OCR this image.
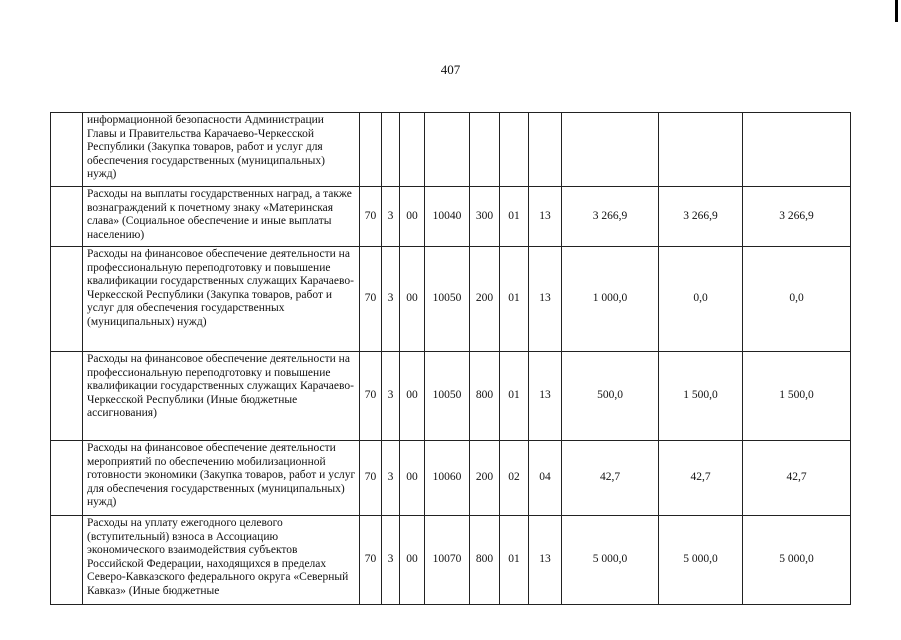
407
	информационной безопасности Администрации Главы и Правительства Карачаево-Черкесской Республики (Закупка товаров, работ и услуг для обеспечения государственных (муниципальных) нужд)										
	Расходы на выплаты государственных наград, а также вознаграждений к почетному знаку «Материнская слава» (Социальное обеспечение и иные выплаты населению)	70	3	00	10040	300	01	13	3 266,9	3 266,9	3 266,9
	Расходы на финансовое обеспечение деятельности на профессиональную переподготовку и повышение квалификации государственных служащих Карачаево-Черкесской Республики (Закупка товаров, работ и услуг для обеспечения государственных (муниципальных) нужд)	70	3	00	10050	200	01	13	1 000,0	0,0	0,0
	Расходы на финансовое обеспечение деятельности на профессиональную переподготовку и повышение квалификации государственных служащих Карачаево-Черкесской Республики (Иные бюджетные ассигнования)	70	3	00	10050	800	01	13	500,0	1 500,0	1 500,0
	Расходы на финансовое обеспечение деятельности мероприятий по обеспечению мобилизационной готовности экономики (Закупка товаров, работ и услуг для обеспечения государственных (муниципальных) нужд)	70	3	00	10060	200	02	04	42,7	42,7	42,7
	Расходы на уплату ежегодного целевого (вступительный) взноса в Ассоциацию экономического взаимодействия субъектов Российской Федерации, находящихся в пределах Северо-Кавказского федерального округа «Северный Кавказ» (Иные бюджетные	70	3	00	10070	800	01	13	5 000,0	5 000,0	5 000,0
